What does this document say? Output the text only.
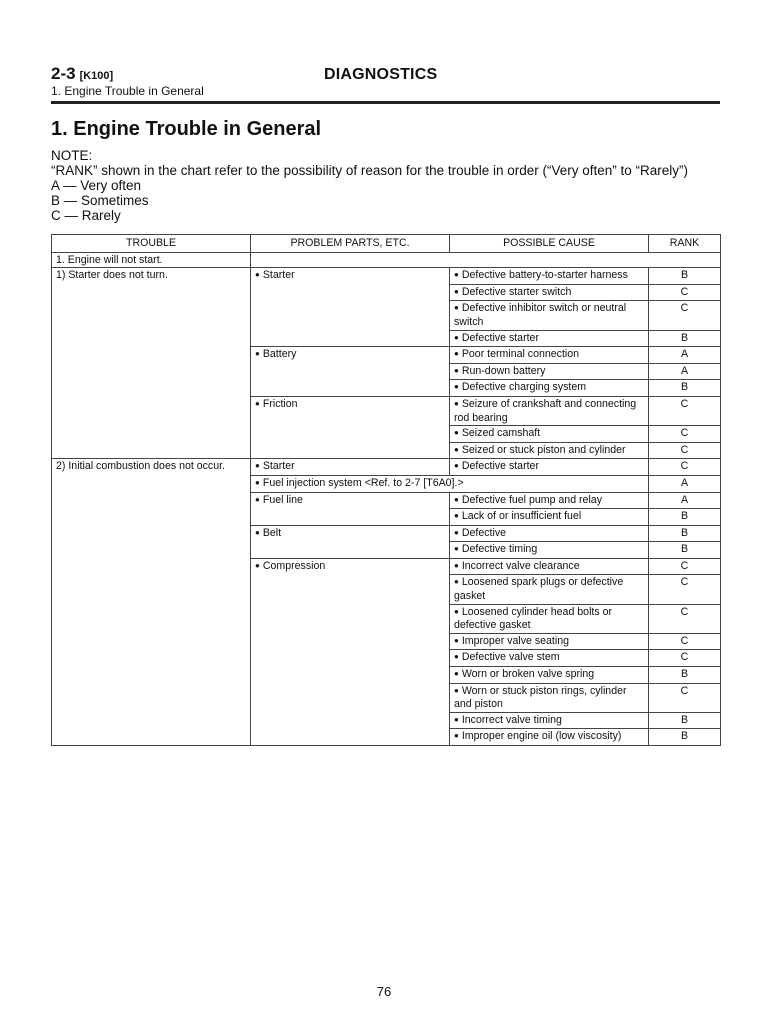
2-3 [K100]	DIAGNOSTICS
1. Engine Trouble in General
1. Engine Trouble in General
NOTE:
“RANK” shown in the chart refer to the possibility of reason for the trouble in order (“Very often” to “Rarely”)
A — Very often
B — Sometimes
C — Rarely
TROUBLE	PROBLEM PARTS, ETC.	POSSIBLE CAUSE	RANK
1. Engine will not start.			
1) Starter does not turn.	● Starter	● Defective battery-to-starter harness	B
		● Defective starter switch	C
		● Defective inhibitor switch or neutral switch	C
		● Defective starter	B
	● Battery	● Poor terminal connection	A
		● Run-down battery	A
		● Defective charging system	B
	● Friction	● Seizure of crankshaft and connecting rod bearing	C
		● Seized camshaft	C
		● Seized or stuck piston and cylinder	C
2) Initial combustion does not occur.	● Starter	● Defective starter	C
	● Fuel injection system <Ref. to 2-7 [T6A0].>		A
	● Fuel line	● Defective fuel pump and relay	A
		● Lack of or insufficient fuel	B
	● Belt	● Defective	B
		● Defective timing	B
	● Compression	● Incorrect valve clearance	C
		● Loosened spark plugs or defective gasket	C
		● Loosened cylinder head bolts or defective gasket	C
		● Improper valve seating	C
		● Defective valve stem	C
		● Worn or broken valve spring	B
		● Worn or stuck piston rings, cylinder and piston	C
		● Incorrect valve timing	B
		● Improper engine oil (low viscosity)	B
76
